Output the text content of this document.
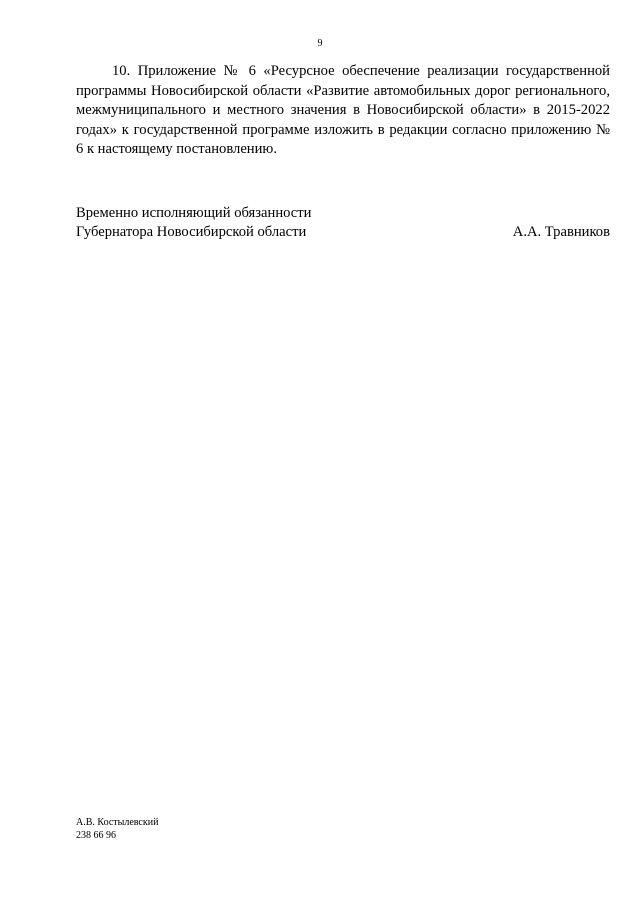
9

10. Приложение № 6 «Ресурсное обеспечение реализации государственной программы Новосибирской области «Развитие автомобильных дорог регионального, межмуниципального и местного значения в Новосибирской области» в 2015-2022 годах» к государственной программе изложить в редакции согласно приложению № 6 к настоящему постановлению.

Временно исполняющий обязанности
Губернатора Новосибирской области	А.А. Травников
А.В. Костылевский
238 66 96
